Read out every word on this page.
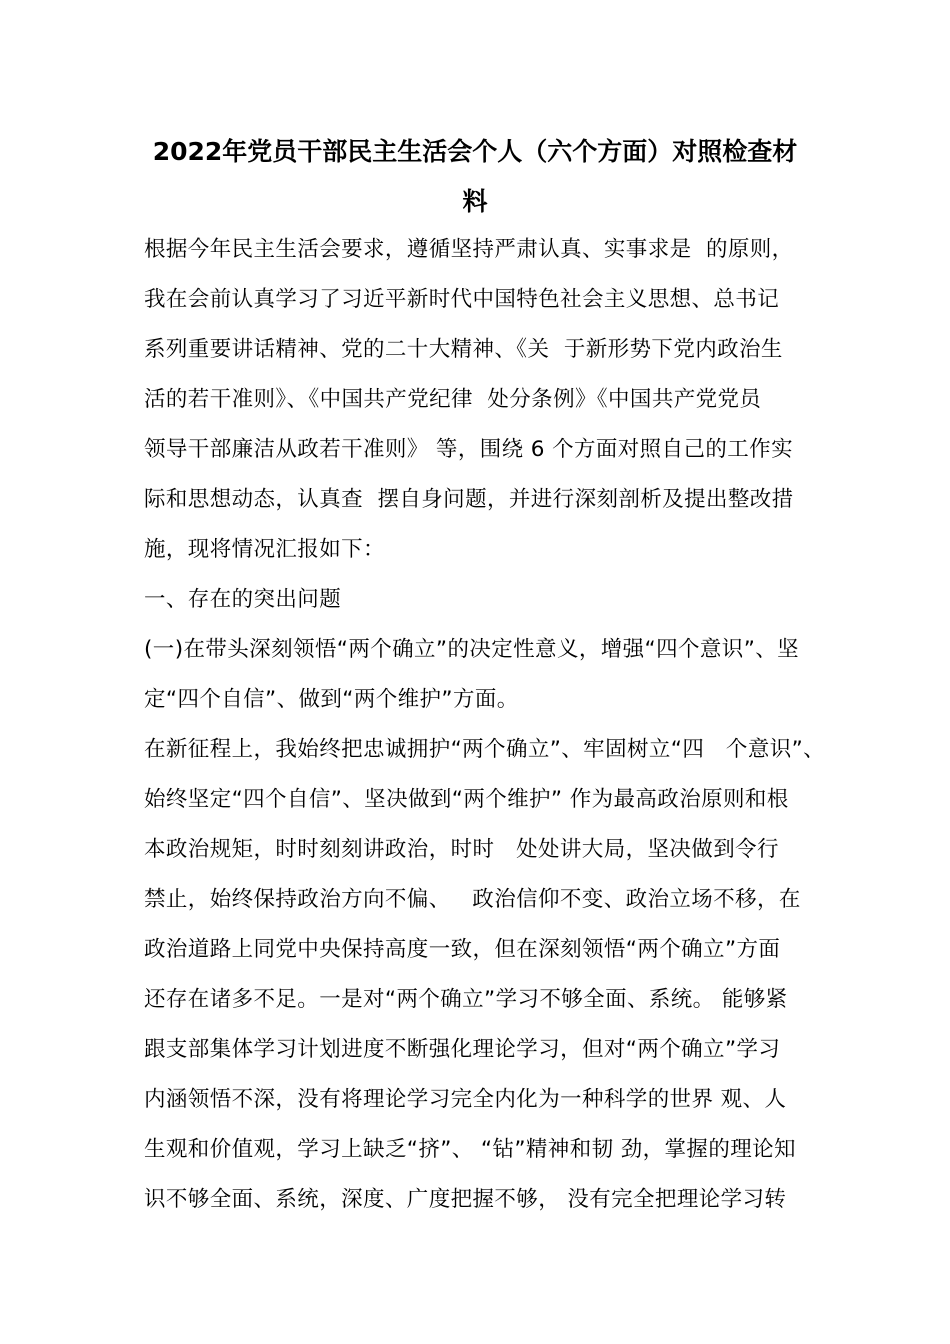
2022年党员干部民主生活会个人（六个方面）对照检查材
料
根据今年民主生活会要求，遵循坚持严肃认真、实事求是  的原则，
我在会前认真学习了习近平新时代中国特色社会主义思想、总书记
系列重要讲话精神、党的二十大精神、《关  于新形势下党内政治生
活的若干准则》、《中国共产党纪律  处分条例》《中国共产党党员
领导干部廉洁从政若干准则》 等，围绕 6 个方面对照自己的工作实
际和思想动态，认真查  摆自身问题，并进行深刻剖析及提出整改措
施，现将情况汇报如下：
一、存在的突出问题
(一)在带头深刻领悟“两个确立”的决定性意义，增强“四个意识”、坚
定“四个自信”、做到“两个维护”方面。
在新征程上，我始终把忠诚拥护“两个确立”、牢固树立“四   个意识”、
始终坚定“四个自信”、坚决做到“两个维护” 作为最高政治原则和根
本政治规矩，时时刻刻讲政治，时时   处处讲大局，坚决做到令行
禁止，始终保持政治方向不偏、   政治信仰不变、政治立场不移，在
政治道路上同党中央保持高度一致，但在深刻领悟“两个确立”方面
还存在诸多不足。一是对“两个确立”学习不够全面、系统。 能够紧
跟支部集体学习计划进度不断强化理论学习，但对“两个确立”学习
内涵领悟不深，没有将理论学习完全内化为一种科学的世界 观、人
生观和价值观，学习上缺乏“挤”、 “钻”精神和韧 劲，掌握的理论知
识不够全面、系统，深度、广度把握不够， 没有完全把理论学习转
